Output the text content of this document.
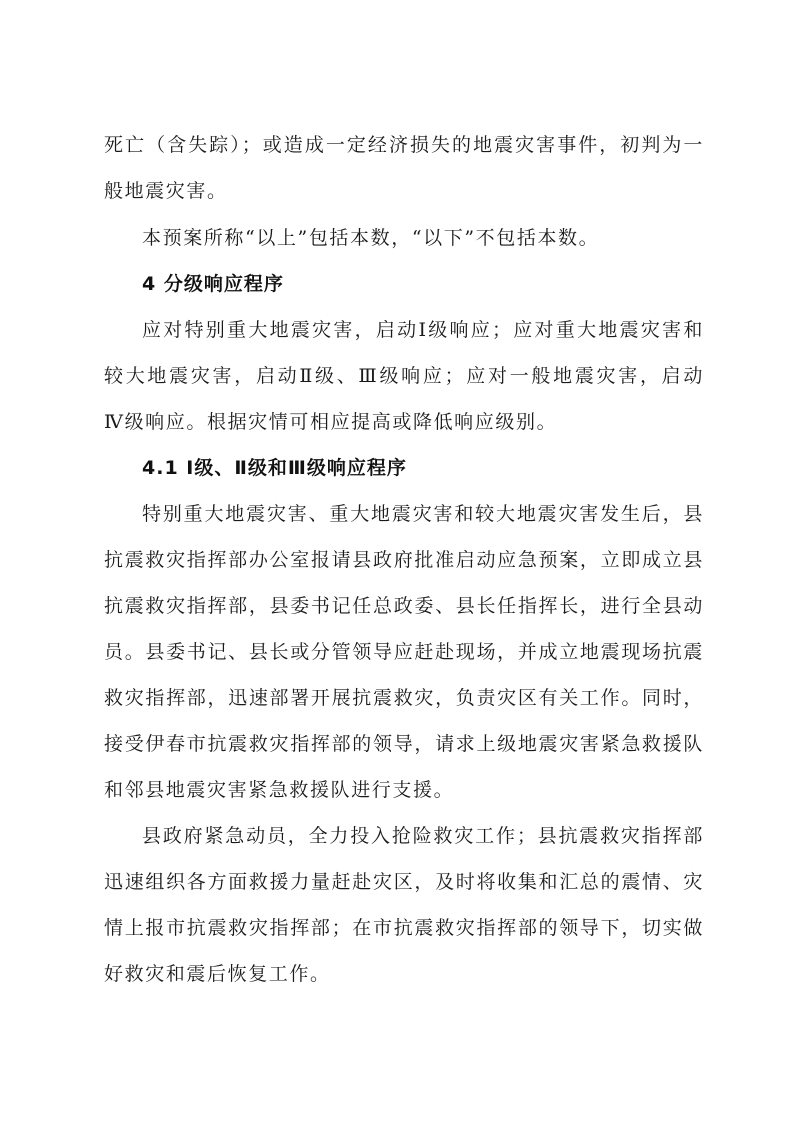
死亡（含失踪）；或造成一定经济损失的地震灾害事件，初判为一
般地震灾害。
本预案所称“以上”包括本数，“以下”不包括本数。
4 分级响应程序
应对特别重大地震灾害，启动Ⅰ级响应；应对重大地震灾害和
较大地震灾害，启动Ⅱ级、Ⅲ级响应；应对一般地震灾害，启动
Ⅳ级响应。根据灾情可相应提高或降低响应级别。
4.1 Ⅰ级、Ⅱ级和Ⅲ级响应程序
特别重大地震灾害、重大地震灾害和较大地震灾害发生后，县
抗震救灾指挥部办公室报请县政府批准启动应急预案，立即成立县
抗震救灾指挥部，县委书记任总政委、县长任指挥长，进行全县动
员。县委书记、县长或分管领导应赶赴现场，并成立地震现场抗震
救灾指挥部，迅速部署开展抗震救灾，负责灾区有关工作。同时，
接受伊春市抗震救灾指挥部的领导，请求上级地震灾害紧急救援队
和邻县地震灾害紧急救援队进行支援。
县政府紧急动员，全力投入抢险救灾工作；县抗震救灾指挥部
迅速组织各方面救援力量赶赴灾区，及时将收集和汇总的震情、灾
情上报市抗震救灾指挥部；在市抗震救灾指挥部的领导下，切实做
好救灾和震后恢复工作。
